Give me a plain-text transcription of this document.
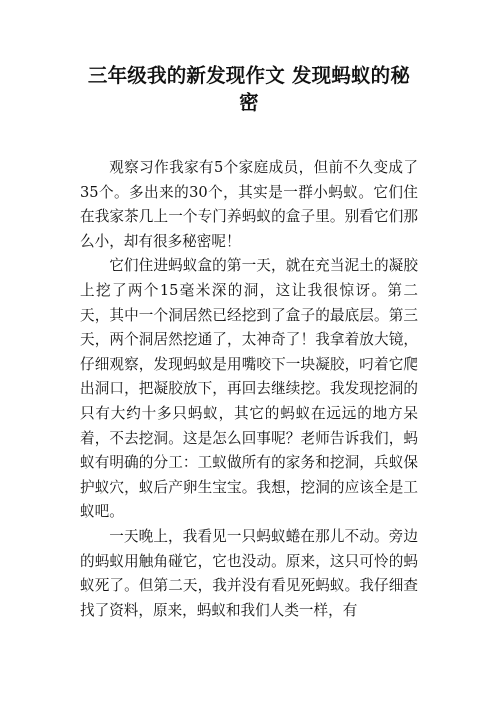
三年级我的新发现作文 发现蚂蚁的秘密

观察习作我家有5个家庭成员，但前不久变成了35个。多出来的30个，其实是一群小蚂蚁。它们住在我家茶几上一个专门养蚂蚁的盒子里。别看它们那么小，却有很多秘密呢！

它们住进蚂蚁盒的第一天，就在充当泥土的凝胶上挖了两个15毫米深的洞，这让我很惊讶。第二天，其中一个洞居然已经挖到了盒子的最底层。第三天，两个洞居然挖通了，太神奇了！我拿着放大镜，仔细观察，发现蚂蚁是用嘴咬下一块凝胶，叼着它爬出洞口，把凝胶放下，再回去继续挖。我发现挖洞的只有大约十多只蚂蚁，其它的蚂蚁在远远的地方呆着，不去挖洞。这是怎么回事呢？老师告诉我们，蚂蚁有明确的分工：工蚁做所有的家务和挖洞，兵蚁保护蚁穴，蚁后产卵生宝宝。我想，挖洞的应该全是工蚁吧。

一天晚上，我看见一只蚂蚁蜷在那儿不动。旁边的蚂蚁用触角碰它，它也没动。原来，这只可怜的蚂蚁死了。但第二天，我并没有看见死蚂蚁。我仔细查找了资料，原来，蚂蚁和我们人类一样，有
